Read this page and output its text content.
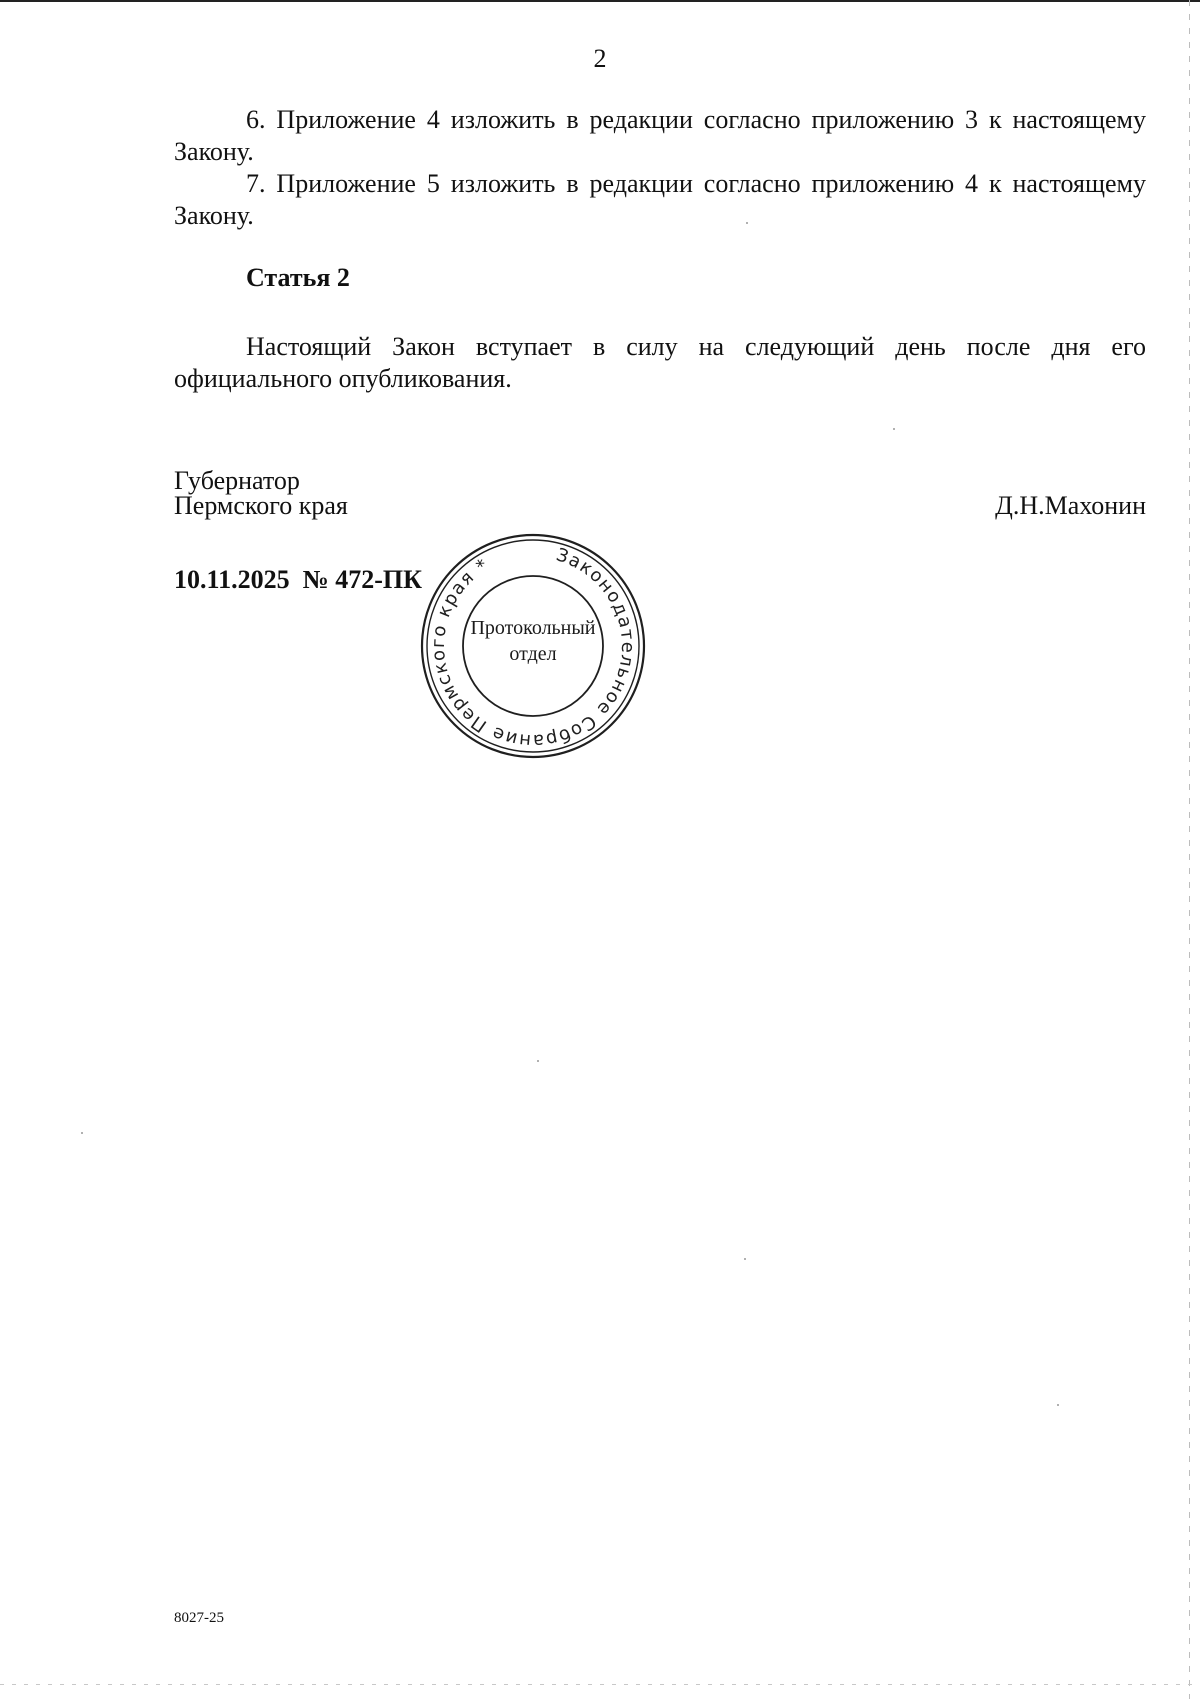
2

6. Приложение 4 изложить в редакции согласно приложению 3 к настоящему Закону.

7. Приложение 5 изложить в редакции согласно приложению 4 к настоящему Закону.

Статья 2

Настоящий Закон вступает в силу на следующий день после дня его официального опубликования.

Губернатор
Пермского края	Д.Н.Махонин
10.11.2025  № 472-ПК
Законодательное Собрание Пермского края *
Протокольный
отдел
8027-25
